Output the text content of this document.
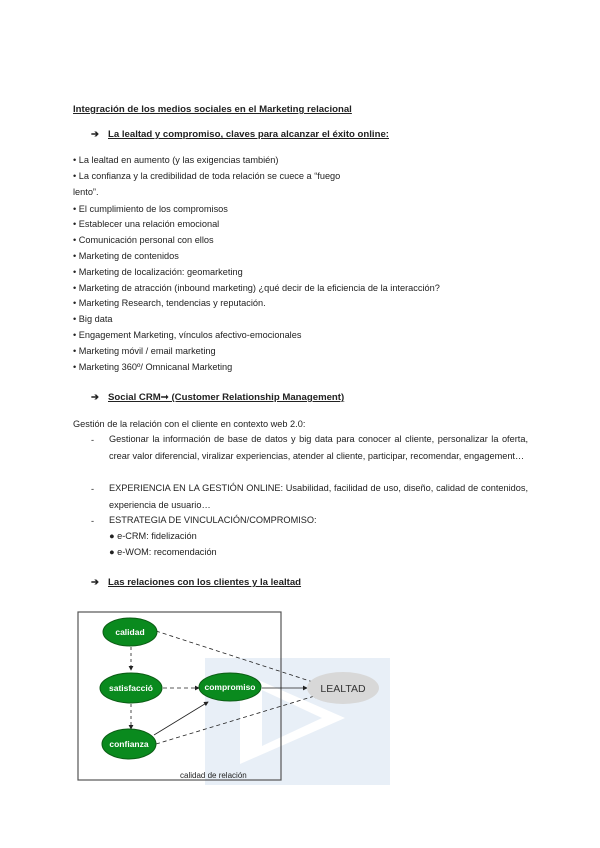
Integración de los medios sociales en el Marketing relacional
➔ La lealtad y compromiso, claves para alcanzar el éxito online:
• La lealtad en aumento (y las exigencias también)
• La confianza y la credibilidad de toda relación se cuece a “fuego
lento”.
• El cumplimiento de los compromisos
• Establecer una relación emocional
• Comunicación personal con ellos
• Marketing de contenidos
• Marketing de localización: geomarketing
• Marketing de atracción (inbound marketing) ¿qué decir de la eficiencia de la interacción?
• Marketing Research, tendencias y reputación.
• Big data
• Engagement Marketing, vínculos afectivo-emocionales
• Marketing móvil / email marketing
• Marketing 360º/ Omnicanal Marketing
➔ Social CRM➞ (Customer Relationship Management)
Gestión de la relación con el cliente en contexto web 2.0:
- Gestionar la información de base de datos y big data para conocer al cliente, personalizar la oferta, crear valor diferencial, viralizar experiencias, atender al cliente, participar, recomendar, engagement…
- EXPERIENCIA EN LA GESTIÓN ONLINE: Usabilidad, facilidad de uso, diseño, calidad de contenidos, experiencia de usuario…
- ESTRATEGIA DE VINCULACIÓN/COMPROMISO:
● e-CRM: fidelización
● e-WOM: recomendación
➔ Las relaciones con los clientes y la lealtad
calidad
satisfacció	compromiso
confianza
LEALTAD
calidad de relación
